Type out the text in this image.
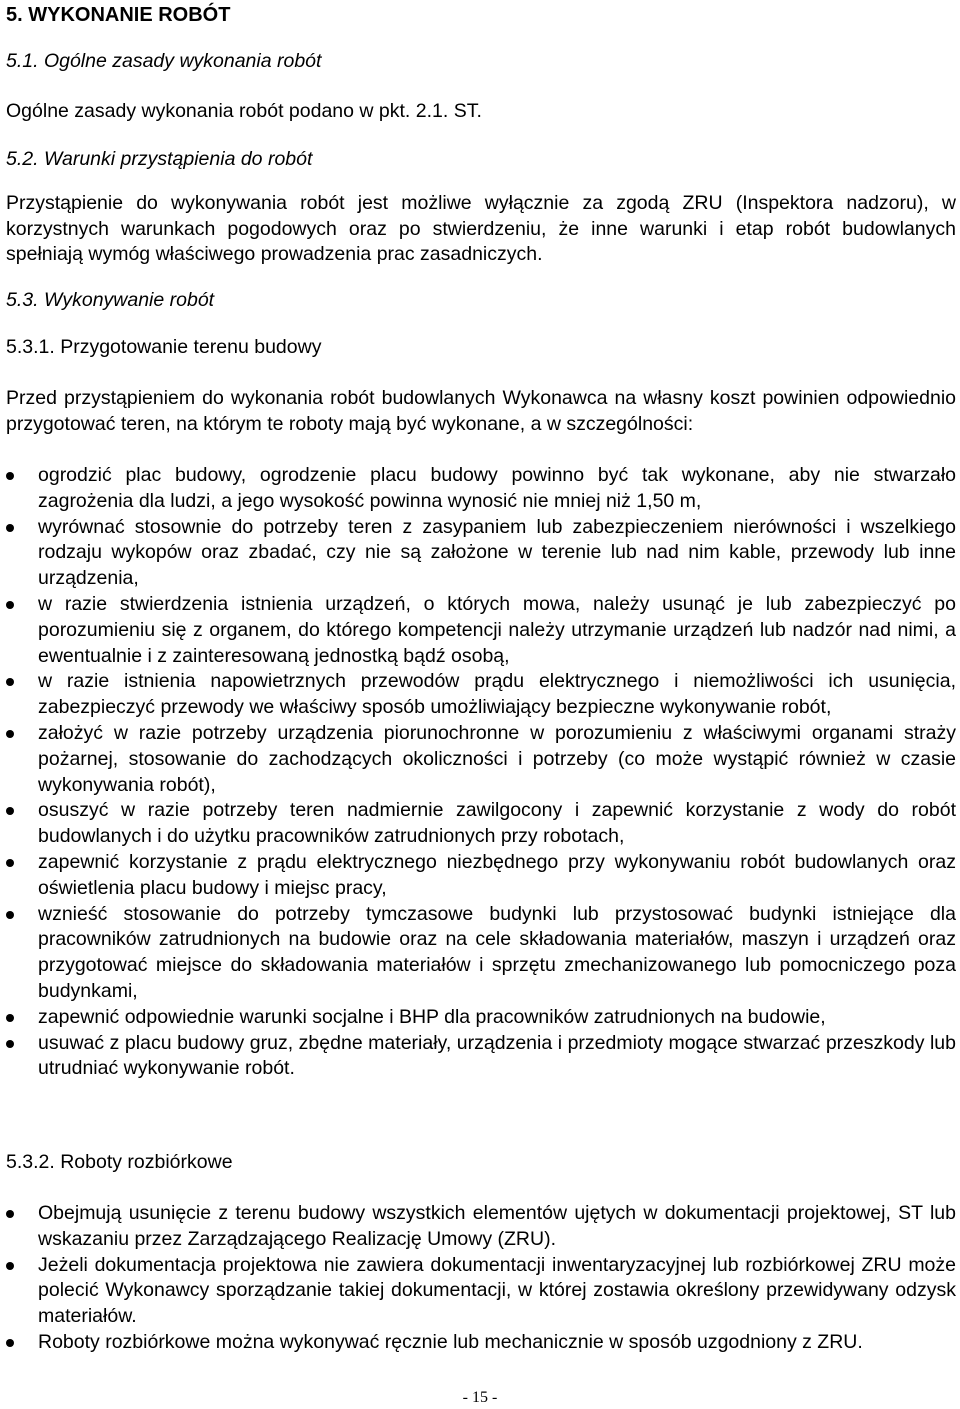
5. WYKONANIE ROBÓT
5.1. Ogólne zasady wykonania robót
Ogólne zasady wykonania robót podano w pkt. 2.1. ST.
5.2. Warunki przystąpienia do robót
Przystąpienie do wykonywania robót jest możliwe wyłącznie za zgodą ZRU (Inspektora nadzoru), w korzystnych warunkach pogodowych oraz po stwierdzeniu, że inne warunki i etap robót budowlanych spełniają wymóg właściwego prowadzenia prac zasadniczych.
5.3. Wykonywanie robót
5.3.1. Przygotowanie terenu budowy
Przed przystąpieniem do wykonania robót budowlanych Wykonawca na własny koszt powinien odpowiednio przygotować teren, na którym te roboty mają być wykonane, a w szczególności:
ogrodzić plac budowy, ogrodzenie placu budowy powinno być tak wykonane, aby nie stwarzało zagrożenia dla ludzi, a jego wysokość powinna wynosić nie mniej niż 1,50 m,
wyrównać stosownie do potrzeby teren z zasypaniem lub zabezpieczeniem nierówności i wszelkiego rodzaju wykopów oraz zbadać, czy nie są założone w terenie lub nad nim kable, przewody lub inne urządzenia,
w razie stwierdzenia istnienia urządzeń, o których mowa, należy usunąć je lub zabezpieczyć po porozumieniu się z organem, do którego kompetencji należy utrzymanie urządzeń lub nadzór nad nimi, a ewentualnie i z zainteresowaną jednostką bądź osobą,
w razie istnienia napowietrznych przewodów prądu elektrycznego i niemożliwości ich usunięcia, zabezpieczyć przewody we właściwy sposób umożliwiający bezpieczne wykonywanie robót,
założyć w razie potrzeby urządzenia piorunochronne w porozumieniu z właściwymi organami straży pożarnej, stosowanie do zachodzących okoliczności i potrzeby (co może wystąpić również w czasie wykonywania robót),
osuszyć w razie potrzeby teren nadmiernie zawilgocony i zapewnić korzystanie z wody do robót budowlanych i do użytku pracowników zatrudnionych przy robotach,
zapewnić korzystanie z prądu elektrycznego niezbędnego przy wykonywaniu robót budowlanych oraz oświetlenia placu budowy i miejsc pracy,
wznieść stosowanie do potrzeby tymczasowe budynki lub przystosować budynki istniejące dla pracowników zatrudnionych na budowie oraz na cele składowania materiałów, maszyn i urządzeń oraz przygotować miejsce do składowania materiałów i sprzętu zmechanizowanego lub pomocniczego poza budynkami,
zapewnić odpowiednie warunki socjalne i BHP dla pracowników zatrudnionych na budowie,
usuwać z placu budowy gruz, zbędne materiały, urządzenia i przedmioty mogące stwarzać przeszkody lub utrudniać wykonywanie robót.
5.3.2. Roboty rozbiórkowe
Obejmują usunięcie z terenu budowy wszystkich elementów ujętych w dokumentacji projektowej, ST lub wskazaniu przez Zarządzającego Realizację Umowy (ZRU).
Jeżeli dokumentacja projektowa nie zawiera dokumentacji inwentaryzacyjnej lub rozbiórkowej ZRU może polecić Wykonawcy sporządzanie takiej dokumentacji, w której zostawia określony przewidywany odzysk materiałów.
Roboty rozbiórkowe można wykonywać ręcznie lub mechanicznie w sposób uzgodniony z ZRU.
- 15 -
